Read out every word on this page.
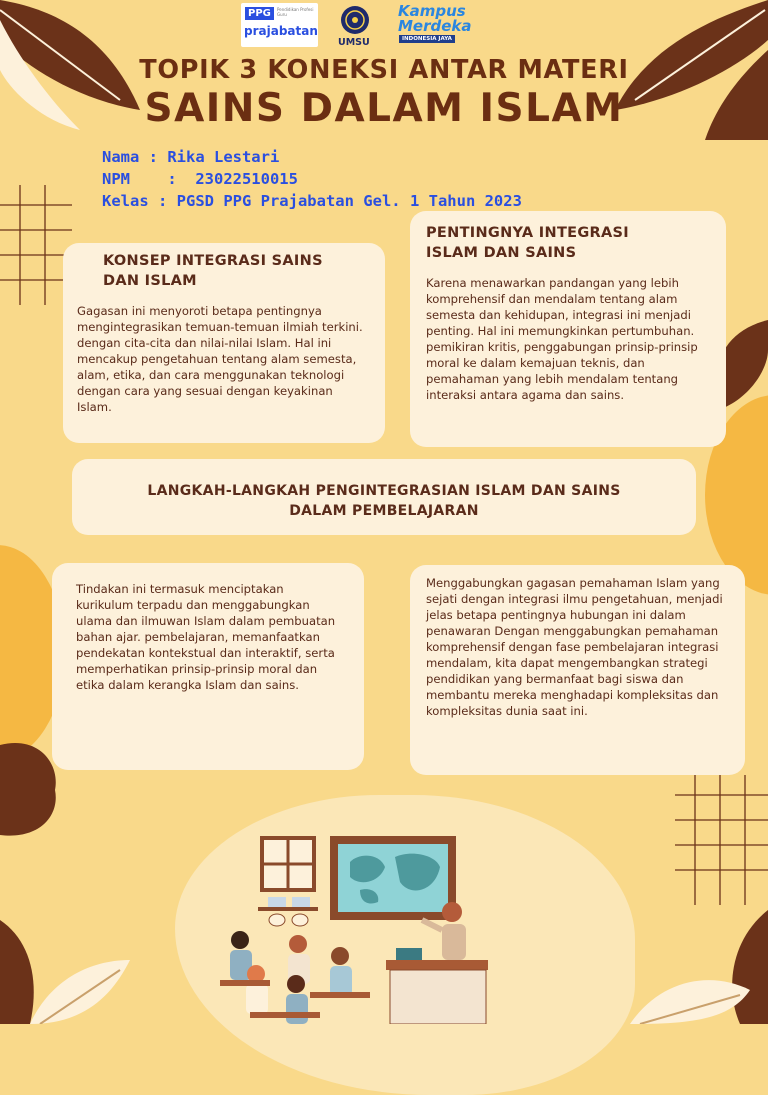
PPG	Pendidikan Profesi Guru
prajabatan
UMSU
Kampus
Merdeka
INDONESIA JAYA
TOPIK 3 KONEKSI ANTAR MATERI
SAINS DALAM ISLAM
Nama : Rika Lestari
NPM    :  23022510015
Kelas : PGSD PPG Prajabatan Gel. 1 Tahun 2023
KONSEP INTEGRASI SAINS
DAN ISLAM

Gagasan ini menyoroti betapa pentingnya mengintegrasikan temuan-temuan ilmiah terkini. dengan cita-cita dan nilai-nilai Islam. Hal ini mencakup pengetahuan tentang alam semesta, alam, etika, dan cara menggunakan teknologi dengan cara yang sesuai dengan keyakinan Islam.

PENTINGNYA INTEGRASI
ISLAM DAN SAINS

Karena menawarkan pandangan yang lebih komprehensif dan mendalam tentang alam semesta dan kehidupan, integrasi ini menjadi penting. Hal ini memungkinkan pertumbuhan. pemikiran kritis, penggabungan prinsip-prinsip moral ke dalam kemajuan teknis, dan pemahaman yang lebih mendalam tentang interaksi antara agama dan sains.

LANGKAH-LANGKAH PENGINTEGRASIAN ISLAM DAN SAINS
DALAM PEMBELAJARAN

Tindakan ini termasuk menciptakan kurikulum terpadu dan menggabungkan ulama dan ilmuwan Islam dalam pembuatan bahan ajar. pembelajaran, memanfaatkan pendekatan kontekstual dan interaktif, serta memperhatikan prinsip-prinsip moral dan etika dalam kerangka Islam dan sains.

Menggabungkan gagasan pemahaman Islam yang sejati dengan integrasi ilmu pengetahuan, menjadi jelas betapa pentingnya hubungan ini dalam penawaran Dengan menggabungkan pemahaman komprehensif dengan fase pembelajaran integrasi mendalam, kita dapat mengembangkan strategi pendidikan yang bermanfaat bagi siswa dan membantu mereka menghadapi kompleksitas dan kompleksitas dunia saat ini.
